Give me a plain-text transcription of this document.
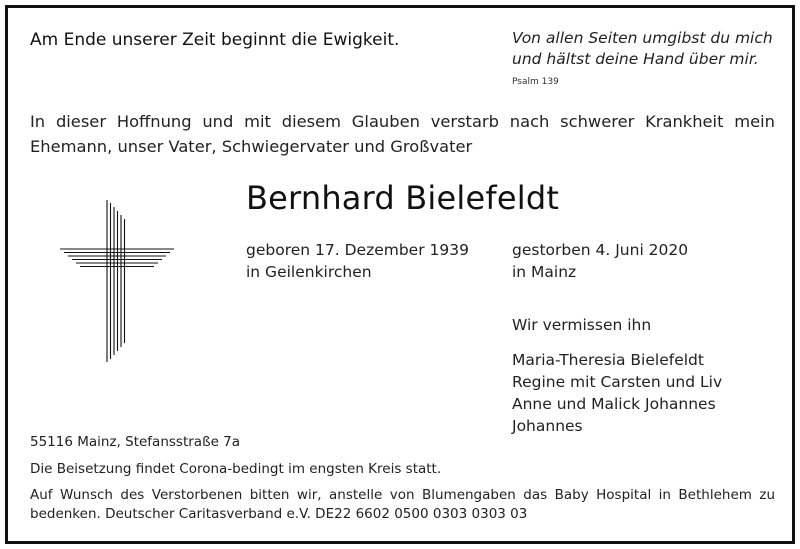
Am Ende unserer Zeit beginnt die Ewigkeit.	Von allen Seiten umgibst du mich
und hältst deine Hand über mir.
Psalm 139
In dieser Hoffnung und mit diesem Glauben verstarb nach schwerer Krankheit mein Ehemann, unser Vater, Schwiegervater und Großvater
Bernhard Bielefeldt
geboren 17. Dezember 1939
in Geilenkirchen
gestorben 4. Juni 2020
in Mainz
Wir vermissen ihn
Maria-Theresia Bielefeldt
Regine mit Carsten und Liv
Anne und Malick Johannes
Johannes
55116 Mainz, Stefansstraße 7a
Die Beisetzung findet Corona-bedingt im engsten Kreis statt.
Auf Wunsch des Verstorbenen bitten wir, anstelle von Blumengaben das Baby Hospital in Bethlehem zu bedenken. Deutscher Caritasverband e.V. DE22 6602 0500 0303 0303 03
